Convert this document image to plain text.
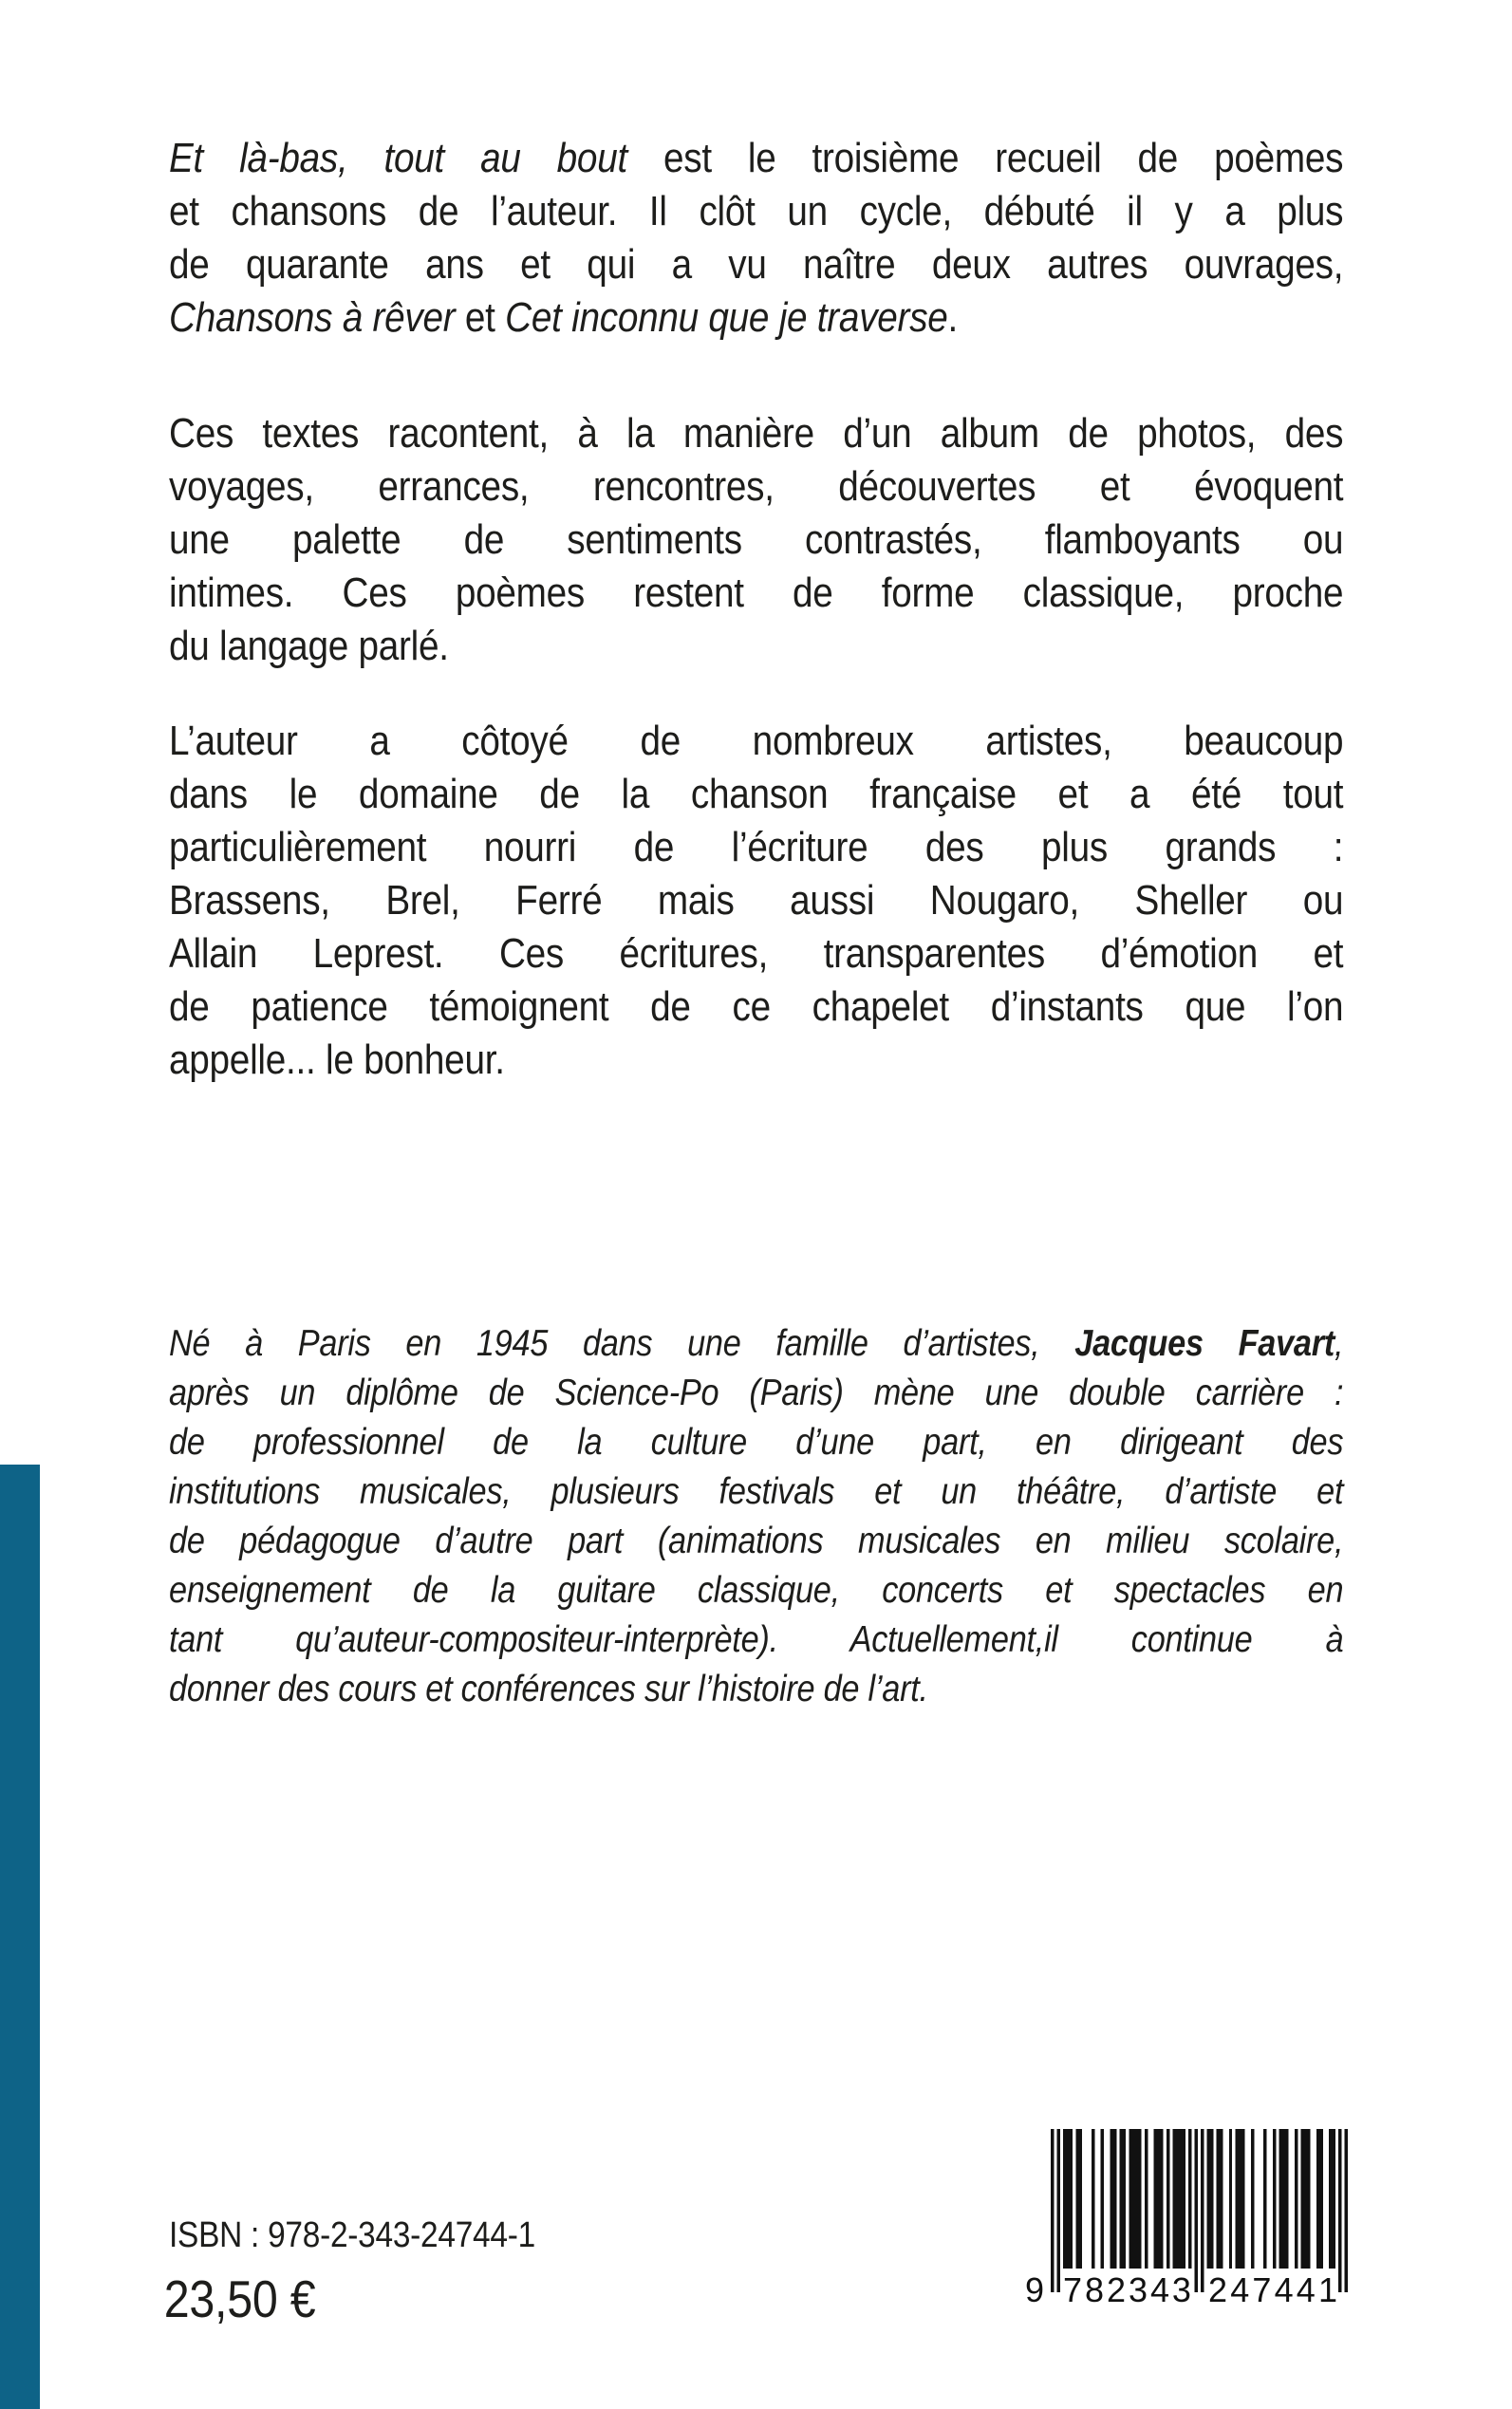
Et là-bas, tout au bout est le troisième recueil de poèmes
et chansons de l’auteur. Il clôt un cycle, débuté il y a plus
de quarante ans et qui a vu naître deux autres ouvrages,
Chansons à rêver et Cet inconnu que je traverse.
Ces textes racontent, à la manière d’un album de photos, des
voyages, errances, rencontres, découvertes et évoquent
une palette de sentiments contrastés, flamboyants ou
intimes. Ces poèmes restent de forme classique, proche
du langage parlé.
L’auteur a côtoyé de nombreux artistes, beaucoup
dans le domaine de la chanson française et a été tout
particulièrement nourri de l’écriture des plus grands :
Brassens, Brel, Ferré mais aussi Nougaro, Sheller ou
Allain Leprest. Ces écritures, transparentes d’émotion et
de patience témoignent de ce chapelet d’instants que l’on
appelle... le bonheur.
Né à Paris en 1945 dans une famille d’artistes, Jacques Favart,
après un diplôme de Science-Po (Paris) mène une double carrière :
de professionnel de la culture d’une part, en dirigeant des
institutions musicales, plusieurs festivals et un théâtre, d’artiste et
de pédagogue d’autre part (animations musicales en milieu scolaire,
enseignement de la guitare classique, concerts et spectacles en
tant qu’auteur-compositeur-interprète). Actuellement,il continue à
donner des cours et conférences sur l’histoire de l’art.
ISBN : 978-2-343-24744-1
23,50 €	9 7 8 2 3 4 3 2 4 7 4 4 1
